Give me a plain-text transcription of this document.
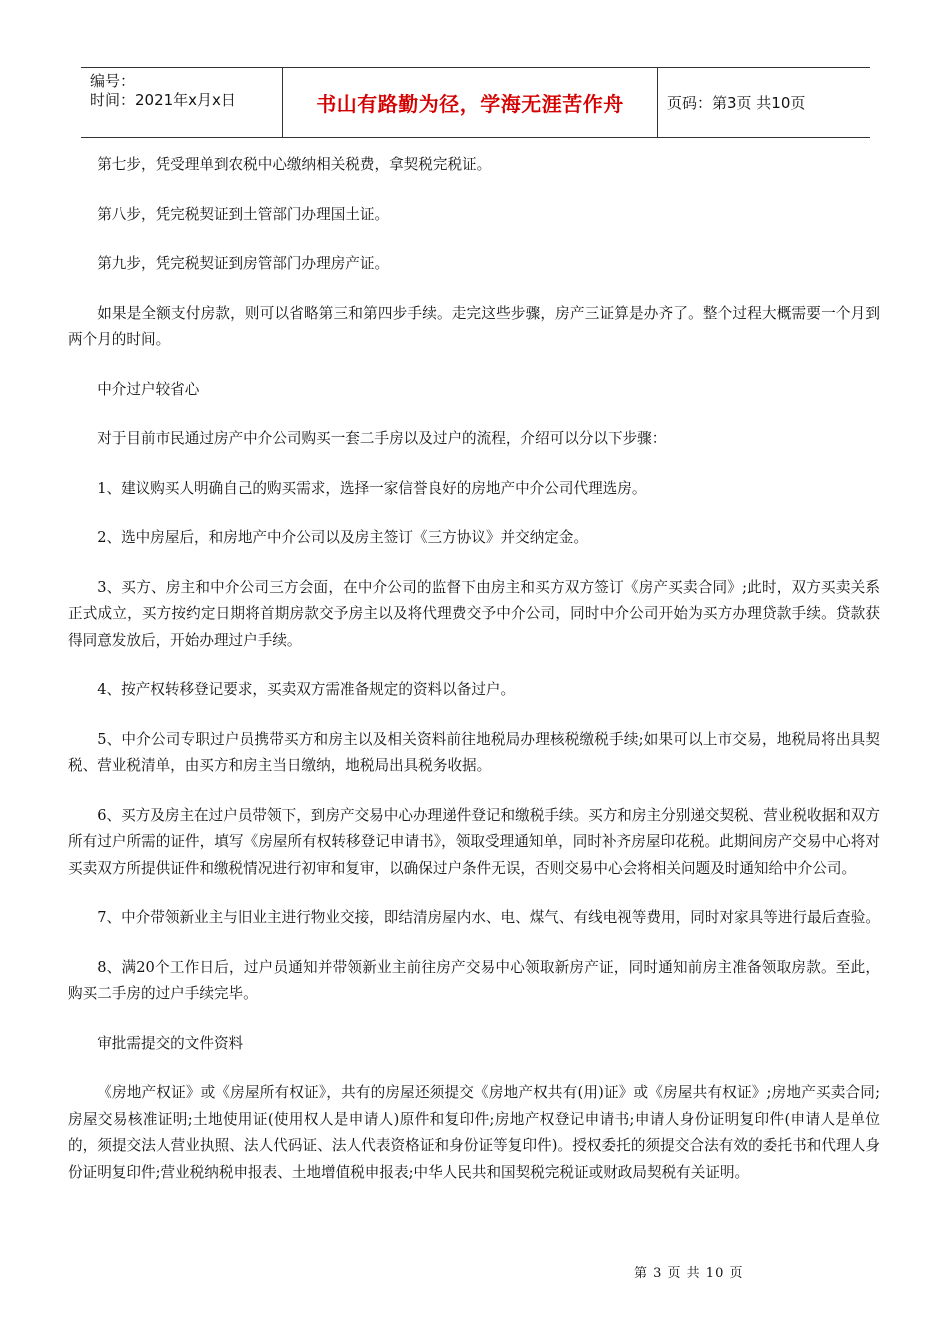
编号：
时间：2021年x月x日	书山有路勤为径，学海无涯苦作舟	页码：第3页 共10页

第七步，凭受理单到农税中心缴纳相关税费，拿契税完税证。

第八步，凭完税契证到土管部门办理国土证。

第九步，凭完税契证到房管部门办理房产证。

如果是全额支付房款，则可以省略第三和第四步手续。走完这些步骤，房产三证算是办齐了。整个过程大概需要一个月到两个月的时间。

中介过户较省心

对于目前市民通过房产中介公司购买一套二手房以及过户的流程，介绍可以分以下步骤：

1、建议购买人明确自己的购买需求，选择一家信誉良好的房地产中介公司代理选房。

2、选中房屋后，和房地产中介公司以及房主签订《三方协议》并交纳定金。

3、买方、房主和中介公司三方会面，在中介公司的监督下由房主和买方双方签订《房产买卖合同》;此时，双方买卖关系正式成立，买方按约定日期将首期房款交予房主以及将代理费交予中介公司，同时中介公司开始为买方办理贷款手续。贷款获得同意发放后，开始办理过户手续。

4、按产权转移登记要求，买卖双方需准备规定的资料以备过户。

5、中介公司专职过户员携带买方和房主以及相关资料前往地税局办理核税缴税手续;如果可以上市交易，地税局将出具契税、营业税清单，由买方和房主当日缴纳，地税局出具税务收据。

6、买方及房主在过户员带领下，到房产交易中心办理递件登记和缴税手续。买方和房主分别递交契税、营业税收据和双方所有过户所需的证件，填写《房屋所有权转移登记申请书》，领取受理通知单，同时补齐房屋印花税。此期间房产交易中心将对买卖双方所提供证件和缴税情况进行初审和复审，以确保过户条件无误，否则交易中心会将相关问题及时通知给中介公司。

7、中介带领新业主与旧业主进行物业交接，即结清房屋内水、电、煤气、有线电视等费用，同时对家具等进行最后查验。

8、满20个工作日后，过户员通知并带领新业主前往房产交易中心领取新房产证，同时通知前房主准备领取房款。至此，购买二手房的过户手续完毕。

审批需提交的文件资料

《房地产权证》或《房屋所有权证》，共有的房屋还须提交《房地产权共有(用)证》或《房屋共有权证》;房地产买卖合同;房屋交易核准证明;土地使用证(使用权人是申请人)原件和复印件;房地产权登记申请书;申请人身份证明复印件(申请人是单位的，须提交法人营业执照、法人代码证、法人代表资格证和身份证等复印件)。授权委托的须提交合法有效的委托书和代理人身份证明复印件;营业税纳税申报表、土地增值税申报表;中华人民共和国契税完税证或财政局契税有关证明。

第 3 页 共 10 页
